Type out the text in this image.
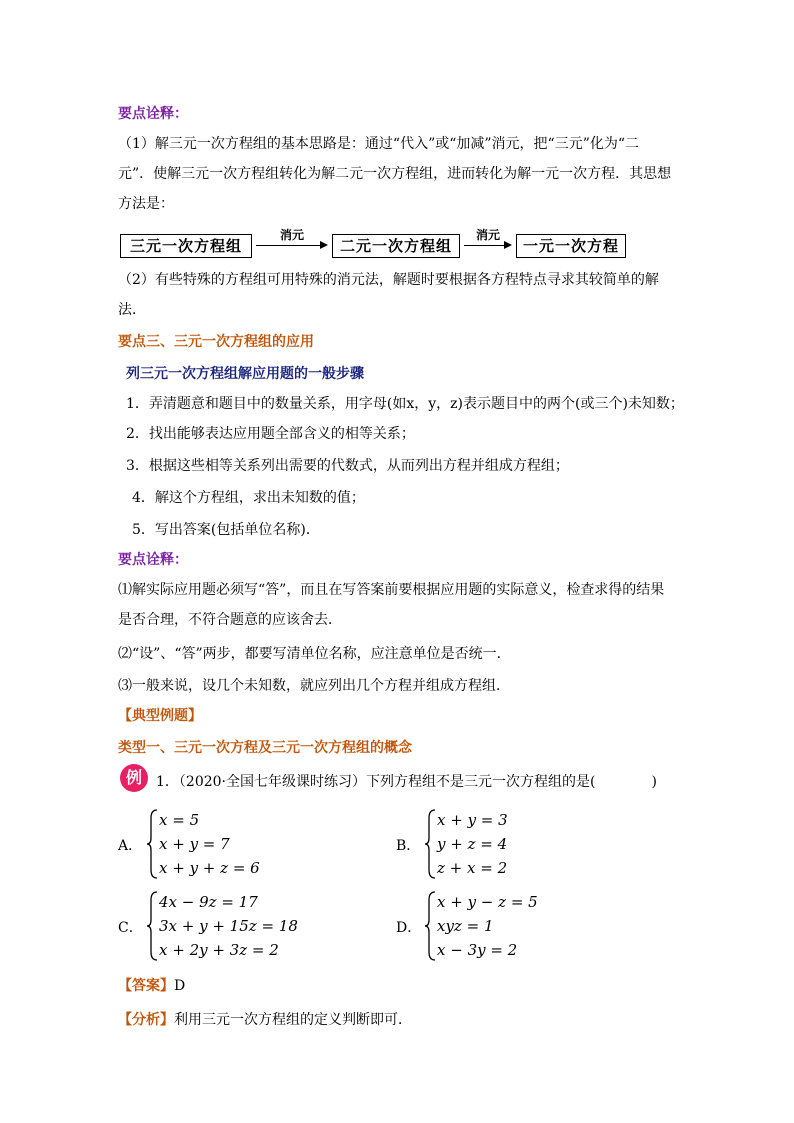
要点诠释：
（1）解三元一次方程组的基本思路是：通过“代入”或“加减”消元，把“三元”化为“二
元”．使解三元一次方程组转化为解二元一次方程组，进而转化为解一元一次方程．其思想
方法是：
三元一次方程组
消元
二元一次方程组
消元
一元一次方程
（2）有些特殊的方程组可用特殊的消元法，解题时要根据各方程特点寻求其较简单的解
法．
要点三、三元一次方程组的应用
列三元一次方程组解应用题的一般步骤
1．弄清题意和题目中的数量关系，用字母(如x，y，z)表示题目中的两个(或三个)未知数；
2．找出能够表达应用题全部含义的相等关系；
3．根据这些相等关系列出需要的代数式，从而列出方程并组成方程组；
4．解这个方程组，求出未知数的值；
5．写出答案(包括单位名称)．
要点诠释：
⑴解实际应用题必须写“答”，而且在写答案前要根据应用题的实际意义，检查求得的结果
是否合理，不符合题意的应该舍去．
⑵“设”、“答”两步，都要写清单位名称，应注意单位是否统一．
⑶一般来说，设几个未知数，就应列出几个方程并组成方程组．
【典型例题】
类型一、三元一次方程及三元一次方程组的概念
例	1．（2020·全国七年级课时练习）下列方程组不是三元一次方程组的是(　　　　)
A．
x = 5
x + y = 7
x + y + z = 6
B．
x + y = 3
y + z = 4
z + x = 2
C．
4x − 9z = 17
3x + y + 15z = 18
x + 2y + 3z = 2
D．
x + y − z = 5
xyz = 1
x − 3y = 2
【答案】D
【分析】利用三元一次方程组的定义判断即可．
